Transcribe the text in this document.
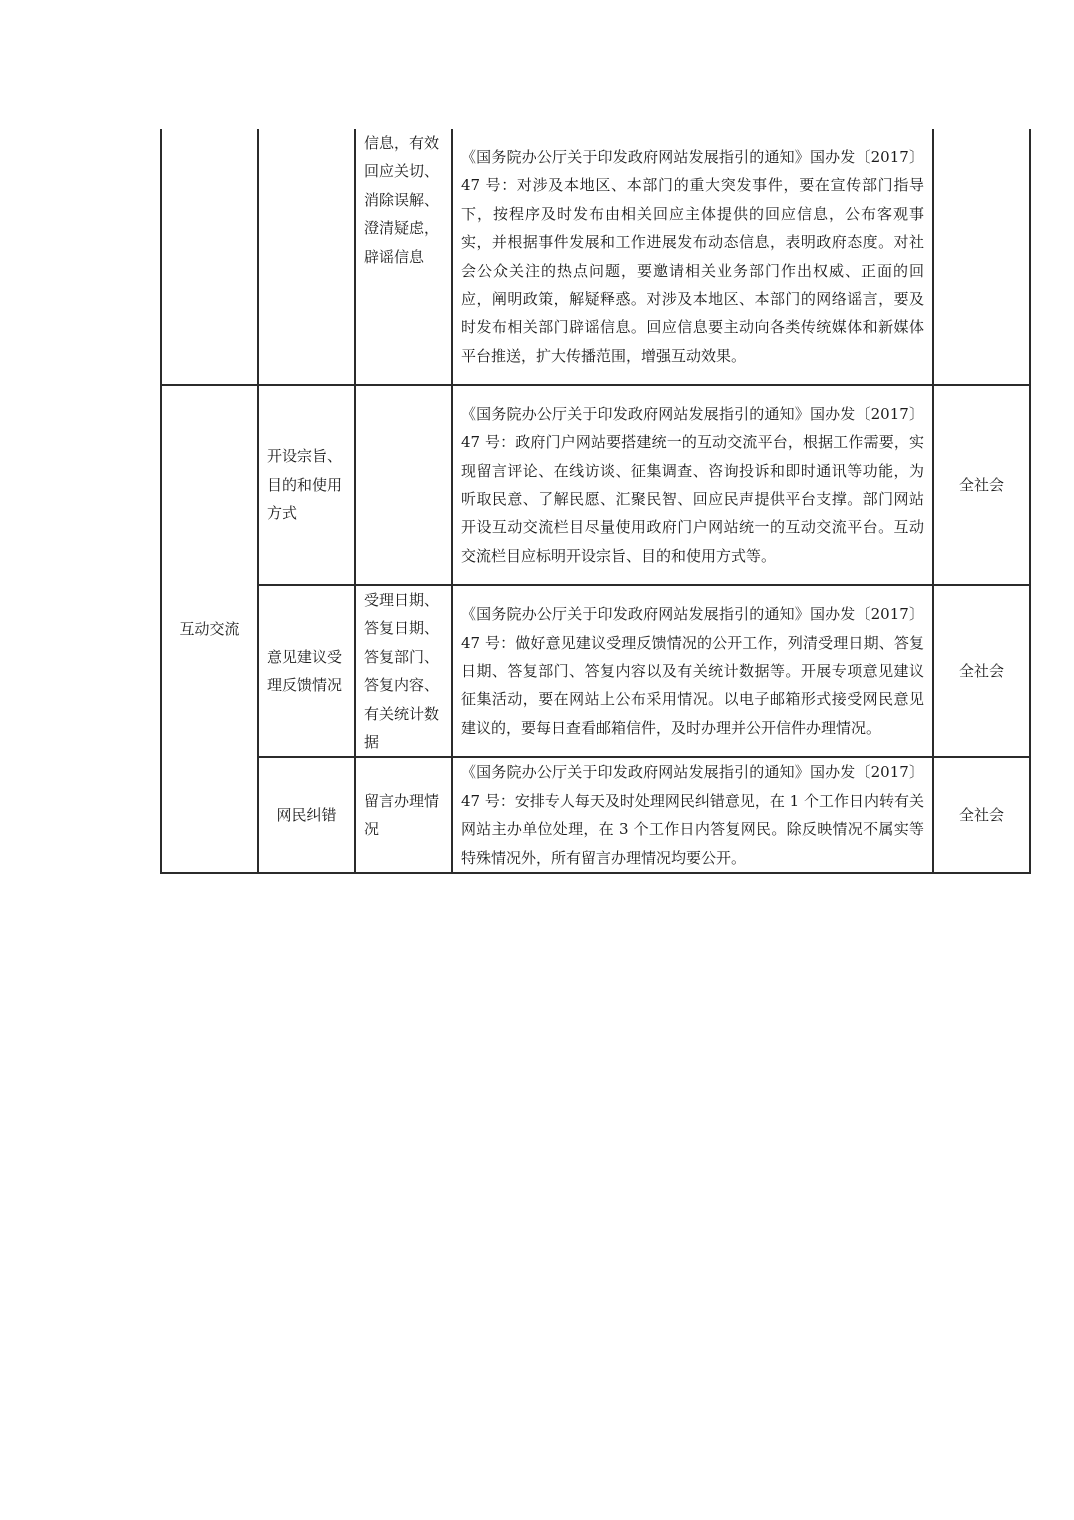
		信息，有效回应关切、消除误解、澄清疑虑，辟谣信息	《国务院办公厅关于印发政府网站发展指引的通知》国办发〔2017〕47 号：对涉及本地区、本部门的重大突发事件，要在宣传部门指导下，按程序及时发布由相关回应主体提供的回应信息，公布客观事实，并根据事件发展和工作进展发布动态信息，表明政府态度。对社会公众关注的热点问题，要邀请相关业务部门作出权威、正面的回应，阐明政策，解疑释惑。对涉及本地区、本部门的网络谣言，要及时发布相关部门辟谣信息。回应信息要主动向各类传统媒体和新媒体平台推送，扩大传播范围，增强互动效果。	

互动交流	开设宗旨、目的和使用方式		《国务院办公厅关于印发政府网站发展指引的通知》国办发〔2017〕47 号：政府门户网站要搭建统一的互动交流平台，根据工作需要，实现留言评论、在线访谈、征集调查、咨询投诉和即时通讯等功能，为听取民意、了解民愿、汇聚民智、回应民声提供平台支撑。部门网站开设互动交流栏目尽量使用政府门户网站统一的互动交流平台。互动交流栏目应标明开设宗旨、目的和使用方式等。	全社会

	意见建议受理反馈情况	受理日期、答复日期、答复部门、答复内容、有关统计数据	《国务院办公厅关于印发政府网站发展指引的通知》国办发〔2017〕47 号：做好意见建议受理反馈情况的公开工作，列清受理日期、答复日期、答复部门、答复内容以及有关统计数据等。开展专项意见建议征集活动，要在网站上公布采用情况。以电子邮箱形式接受网民意见建议的，要每日查看邮箱信件，及时办理并公开信件办理情况。	全社会

	网民纠错	留言办理情况	《国务院办公厅关于印发政府网站发展指引的通知》国办发〔2017〕47 号：安排专人每天及时处理网民纠错意见，在 1 个工作日内转有关网站主办单位处理，在 3 个工作日内答复网民。除反映情况不属实等特殊情况外，所有留言办理情况均要公开。	全社会
